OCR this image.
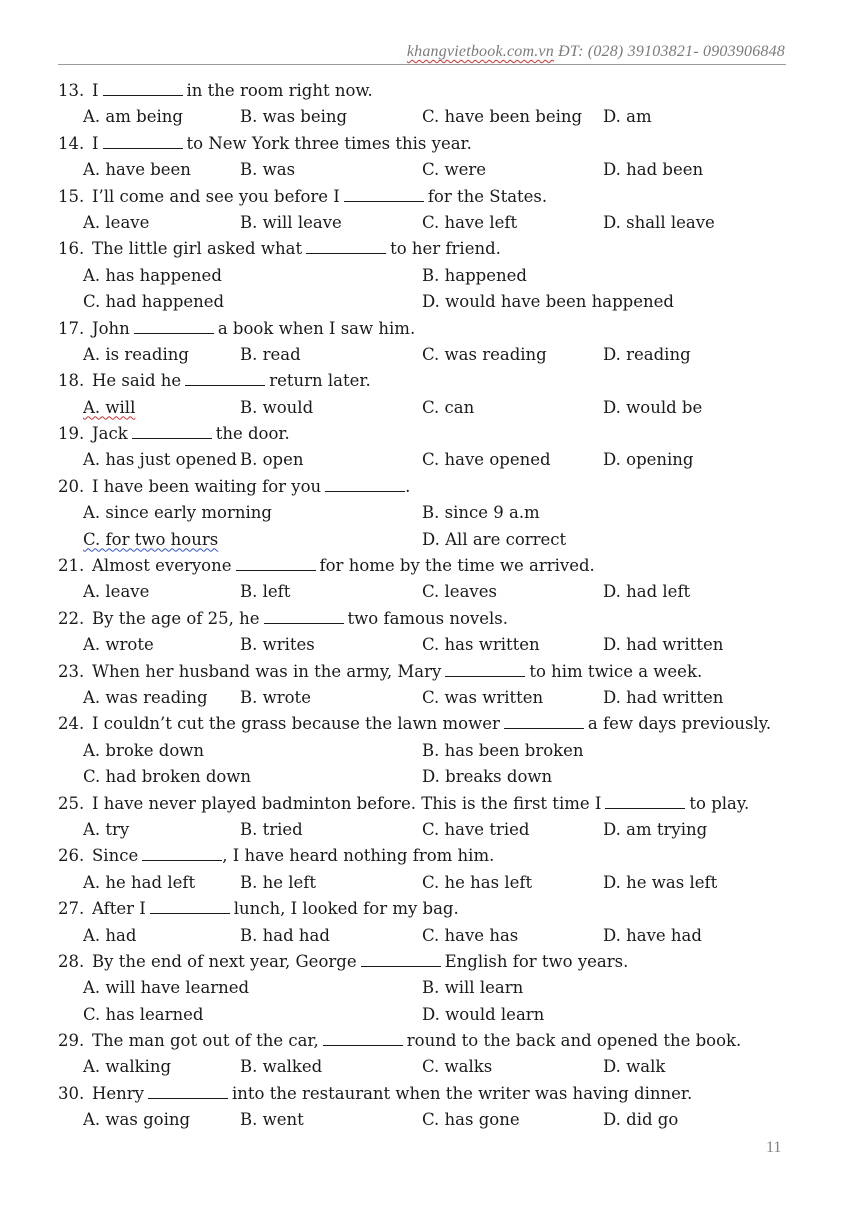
khangvietbook.com.vn ĐT: (028) 39103821- 0903906848
13. I	in the room right now.
A. am being	B. was being	C. have been being D. am
14. I	to New York three times this year.
A. have been	B. was	C. were	D. had been
15. I’ll come and see you before I	for the States.
A. leave	B. will leave	C. have left	D. shall leave
16. The little girl asked what	to her friend.
A. has happened	B. happened
C. had happened	D. would have been happened
17. John	a book when I saw him.
A. is reading	B. read	C. was reading	D. reading
18. He said he	return later.
A. will	B. would	C. can	D. would be
19. Jack	the door.
A. has just opened B. open	C. have opened	D. opening
20. I have been waiting for you	.
A. since early morning	B. since 9 a.m
C. for two hours	D. All are correct
21. Almost everyone	for home by the time we arrived.
A. leave	B. left	C. leaves	D. had left
22. By the age of 25, he	two famous novels.
A. wrote	B. writes	C. has written	D. had written
23. When her husband was in the army, Mary	to him twice a week.
A. was reading B. wrote	C. was written	D. had written
24. I couldn’t cut the grass because the lawn mower	a few days previously.
A. broke down	B. has been broken
C. had broken down	D. breaks down
25. I have never played badminton before. This is the first time I	to play.
A. try	B. tried	C. have tried	D. am trying
26. Since	, I have heard nothing from him.
A. he had left	B. he left	C. he has left	D. he was left
27. After I	lunch, I looked for my bag.
A. had	B. had had	C. have has	D. have had
28. By the end of next year, George	English for two years.
A. will have learned	B. will learn
C. has learned	D. would learn
29. The man got out of the car,	round to the back and opened the book.
A. walking	B. walked	C. walks	D. walk
30. Henry	into the restaurant when the writer was having dinner.
A. was going	B. went	C. has gone	D. did go
11
